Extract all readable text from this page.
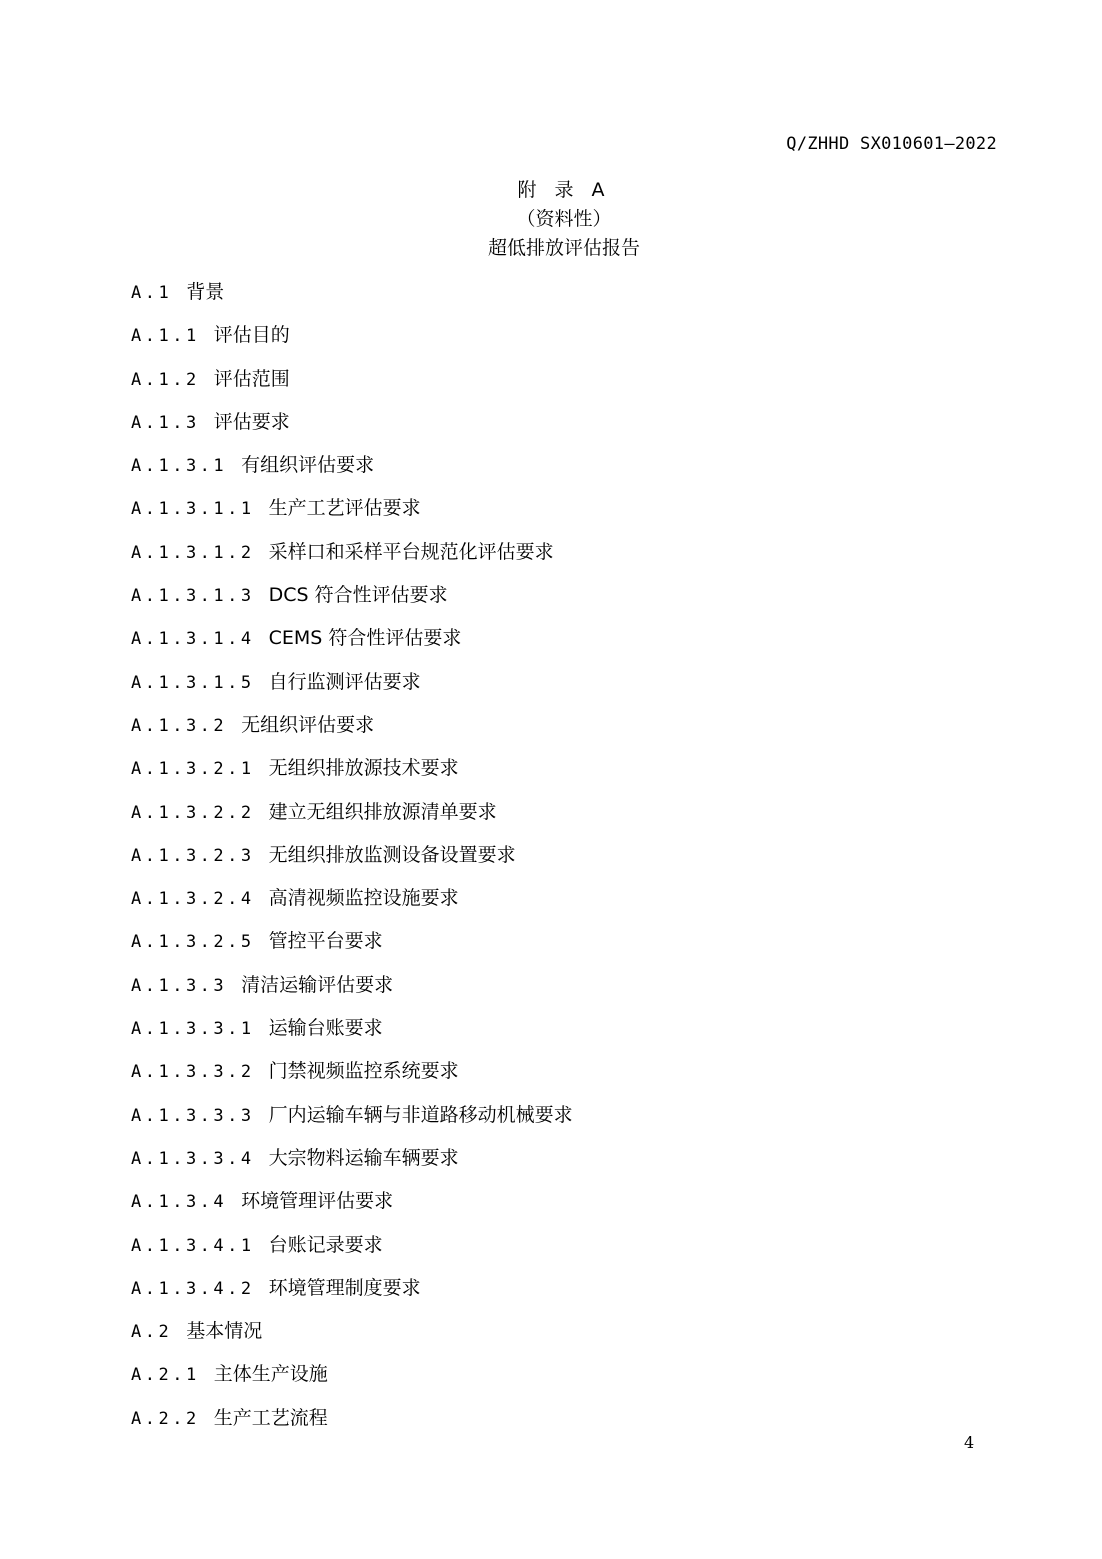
Q/ZHHD SX010601—2022
附 录 A
（资料性）
超低排放评估报告
A.1 背景
A.1.1 评估目的
A.1.2 评估范围
A.1.3 评估要求
A.1.3.1 有组织评估要求
A.1.3.1.1 生产工艺评估要求
A.1.3.1.2 采样口和采样平台规范化评估要求
A.1.3.1.3 DCS 符合性评估要求
A.1.3.1.4 CEMS 符合性评估要求
A.1.3.1.5 自行监测评估要求
A.1.3.2 无组织评估要求
A.1.3.2.1 无组织排放源技术要求
A.1.3.2.2 建立无组织排放源清单要求
A.1.3.2.3 无组织排放监测设备设置要求
A.1.3.2.4 高清视频监控设施要求
A.1.3.2.5 管控平台要求
A.1.3.3 清洁运输评估要求
A.1.3.3.1 运输台账要求
A.1.3.3.2 门禁视频监控系统要求
A.1.3.3.3 厂内运输车辆与非道路移动机械要求
A.1.3.3.4 大宗物料运输车辆要求
A.1.3.4 环境管理评估要求
A.1.3.4.1 台账记录要求
A.1.3.4.2 环境管理制度要求
A.2 基本情况
A.2.1 主体生产设施
A.2.2 生产工艺流程
4
